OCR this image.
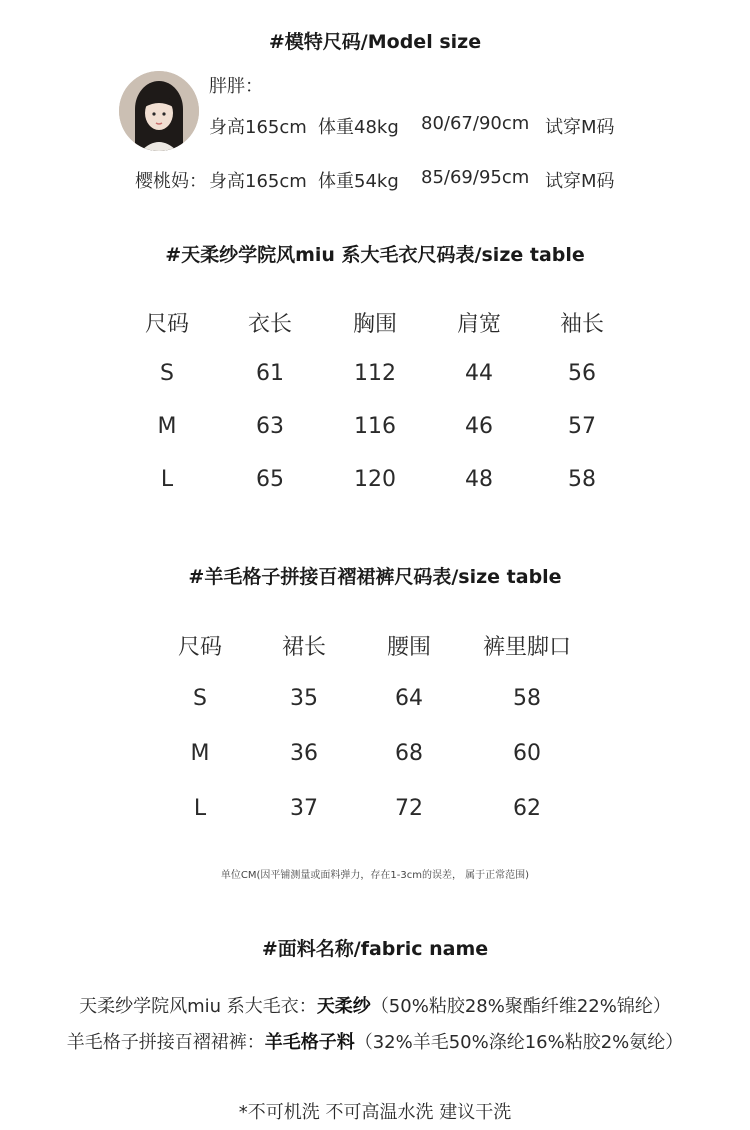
#模特尺码/Model size
胖胖：
身高165cm 体重48kg 80/67/90cm 试穿M码
樱桃妈： 身高165cm 体重54kg 85/69/95cm 试穿M码
#天柔纱学院风miu 系大毛衣尺码表/size table
尺码	衣长	胸围	肩宽	袖长
S	61	112	44	56
M	63	116	46	57
L	65	120	48	58
#羊毛格子拼接百褶裙裤尺码表/size table
尺码	裙长	腰围	裤里脚口
S	35	64	58
M	36	68	60
L	37	72	62
单位CM(因平铺测量或面料弹力，存在1-3cm的误差， 属于正常范围)
#面料名称/fabric name
天柔纱学院风miu 系大毛衣：天柔纱（50%粘胶28%聚酯纤维22%锦纶）
羊毛格子拼接百褶裙裤：羊毛格子料（32%羊毛50%涤纶16%粘胶2%氨纶）
*不可机洗 不可高温水洗 建议干洗
